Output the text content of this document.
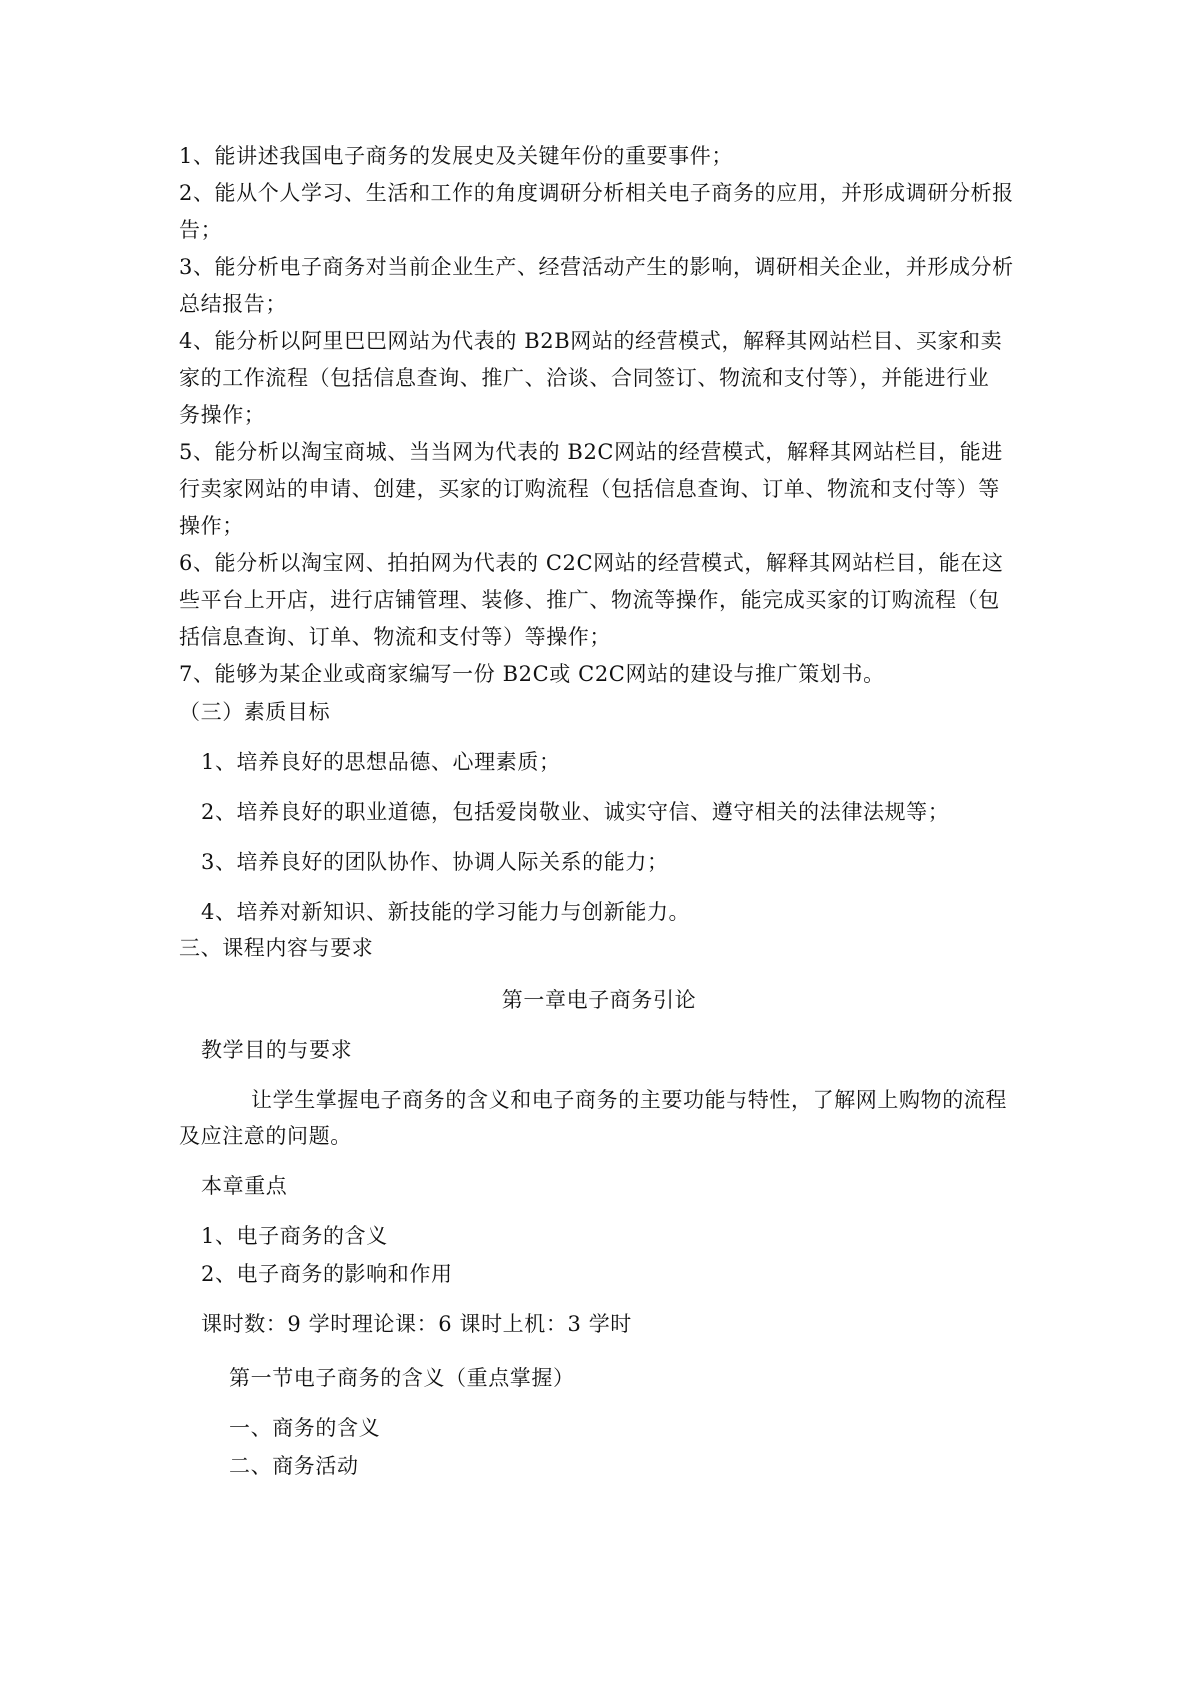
1、能讲述我国电子商务的发展史及关键年份的重要事件；
2、能从个人学习、生活和工作的角度调研分析相关电子商务的应用，并形成调研分析报
告；
3、能分析电子商务对当前企业生产、经营活动产生的影响，调研相关企业，并形成分析
总结报告；
4、能分析以阿里巴巴网站为代表的 B2B网站的经营模式，解释其网站栏目、买家和卖
家的工作流程（包括信息查询、推广、洽谈、合同签订、物流和支付等），并能进行业
务操作；
5、能分析以淘宝商城、当当网为代表的 B2C网站的经营模式，解释其网站栏目，能进
行卖家网站的申请、创建，买家的订购流程（包括信息查询、订单、物流和支付等）等
操作；
6、能分析以淘宝网、拍拍网为代表的 C2C网站的经营模式，解释其网站栏目，能在这
些平台上开店，进行店铺管理、装修、推广、物流等操作，能完成买家的订购流程（包
括信息查询、订单、物流和支付等）等操作；
7、能够为某企业或商家编写一份 B2C或 C2C网站的建设与推广策划书。
（三）素质目标
1、培养良好的思想品德、心理素质；
2、培养良好的职业道德，包括爱岗敬业、诚实守信、遵守相关的法律法规等；
3、培养良好的团队协作、协调人际关系的能力；
4、培养对新知识、新技能的学习能力与创新能力。
三、课程内容与要求
第一章电子商务引论
教学目的与要求
让学生掌握电子商务的含义和电子商务的主要功能与特性，了解网上购物的流程
及应注意的问题。
本章重点
1、电子商务的含义
2、电子商务的影响和作用
课时数：9 学时理论课：6 课时上机：3 学时
第一节电子商务的含义（重点掌握）
一、商务的含义
二、商务活动
